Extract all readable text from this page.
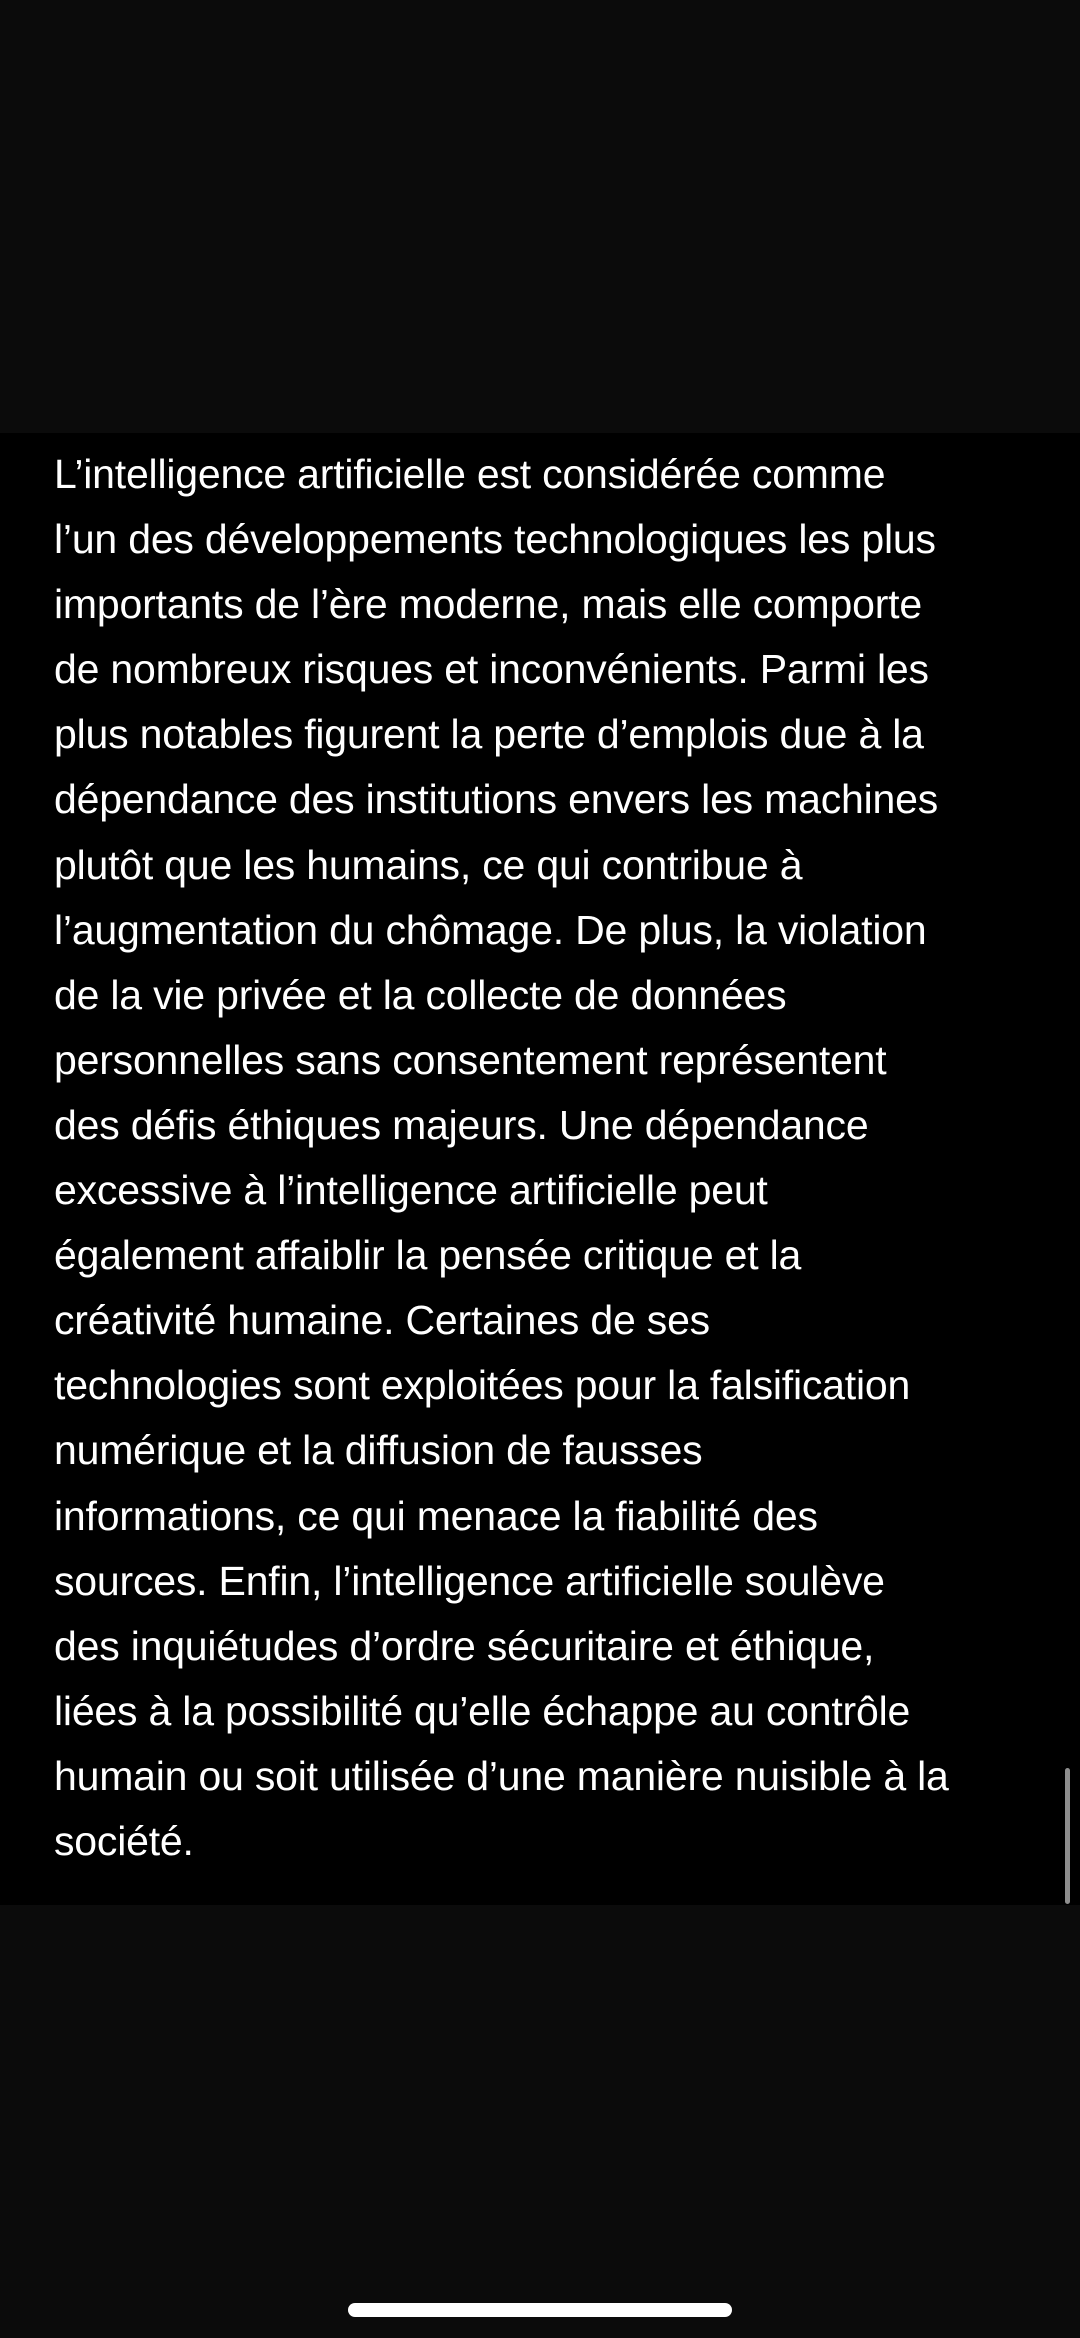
L’intelligence artificielle est considérée comme
l’un des développements technologiques les plus
importants de l’ère moderne, mais elle comporte
de nombreux risques et inconvénients. Parmi les
plus notables figurent la perte d’emplois due à la
dépendance des institutions envers les machines
plutôt que les humains, ce qui contribue à
l’augmentation du chômage. De plus, la violation
de la vie privée et la collecte de données
personnelles sans consentement représentent
des défis éthiques majeurs. Une dépendance
excessive à l’intelligence artificielle peut
également affaiblir la pensée critique et la
créativité humaine. Certaines de ses
technologies sont exploitées pour la falsification
numérique et la diffusion de fausses
informations, ce qui menace la fiabilité des
sources. Enfin, l’intelligence artificielle soulève
des inquiétudes d’ordre sécuritaire et éthique,
liées à la possibilité qu’elle échappe au contrôle
humain ou soit utilisée d’une manière nuisible à la
société.
